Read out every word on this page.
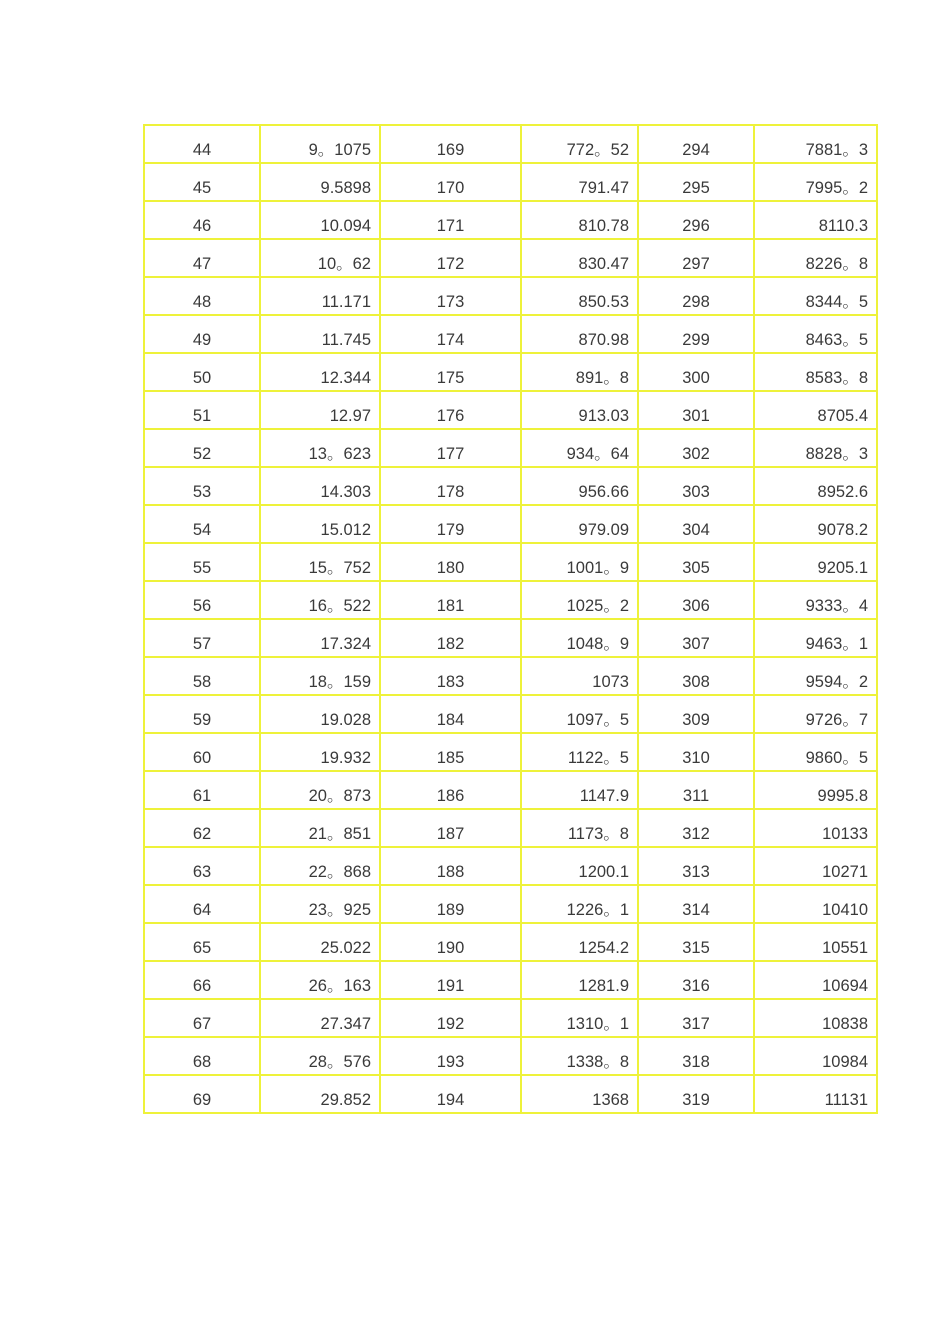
44	9。1075	169	772。52	294	7881。3
45	9.5898	170	791.47	295	7995。2
46	10.094	171	810.78	296	8110.3
47	10。62	172	830.47	297	8226。8
48	11.171	173	850.53	298	8344。5
49	11.745	174	870.98	299	8463。5
50	12.344	175	891。8	300	8583。8
51	12.97	176	913.03	301	8705.4
52	13。623	177	934。64	302	8828。3
53	14.303	178	956.66	303	8952.6
54	15.012	179	979.09	304	9078.2
55	15。752	180	1001。9	305	9205.1
56	16。522	181	1025。2	306	9333。4
57	17.324	182	1048。9	307	9463。1
58	18。159	183	1073	308	9594。2
59	19.028	184	1097。5	309	9726。7
60	19.932	185	1122。5	310	9860。5
61	20。873	186	1147.9	311	9995.8
62	21。851	187	1173。8	312	10133
63	22。868	188	1200.1	313	10271
64	23。925	189	1226。1	314	10410
65	25.022	190	1254.2	315	10551
66	26。163	191	1281.9	316	10694
67	27.347	192	1310。1	317	10838
68	28。576	193	1338。8	318	10984
69	29.852	194	1368	319	11131
